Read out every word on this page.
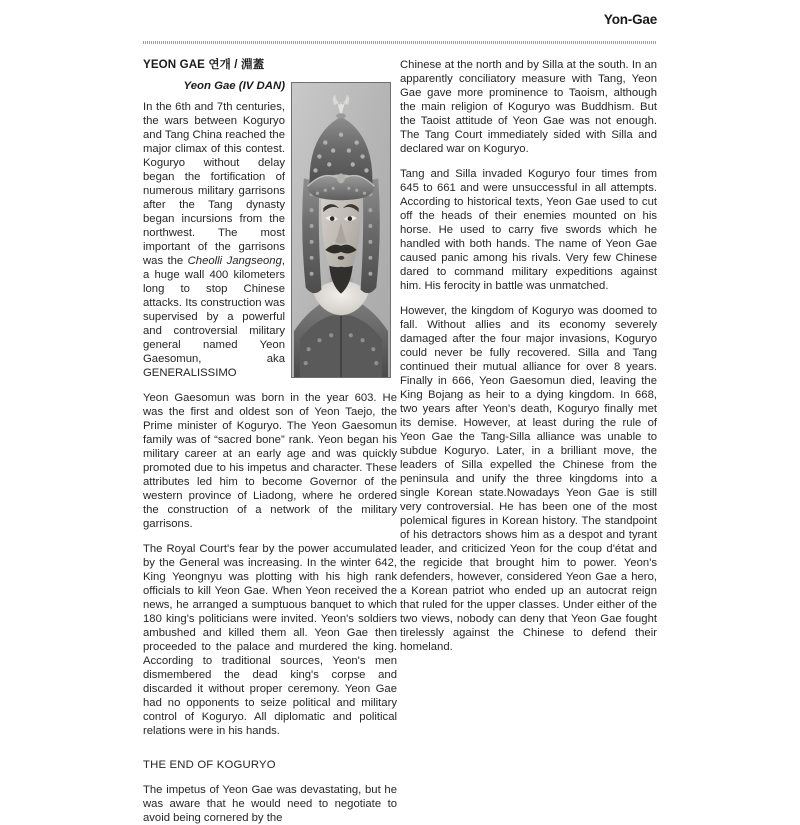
Yon-Gae
YEON GAE 연개 / 淵蓋
Yeon Gae (IV DAN)

In the 6th and 7th centuries, the wars between Koguryo and Tang China reached the major climax of this contest. Koguryo without delay began the fortification of numerous military garrisons after the Tang dynasty began incursions from the northwest. The most important of the garrisons was the Cheolli Jangseong, a huge wall 400 kilometers long to stop Chinese attacks. Its construction was supervised by a powerful and controversial military general named Yeon Gaesomun, aka GENERALISSIMO

Yeon Gaesomun was born in the year 603. He was the first and oldest son of Yeon Taejo, the Prime minister of Koguryo. The Yeon Gaesomun family was of “sacred bone” rank. Yeon began his military career at an early age and was quickly promoted due to his impetus and character. These attributes led him to become Governor of the western province of Liadong, where he ordered the construction of a network of the military garrisons.

The Royal Court's fear by the power accumulated by the General was increasing. In the winter 642, King Yeongnyu was plotting with his high rank officials to kill Yeon Gae. When Yeon received the news, he arranged a sumptuous banquet to which 180 king's politicians were invited. Yeon's soldiers ambushed and killed them all. Yeon Gae then proceeded to the palace and murdered the king. According to traditional sources, Yeon's men dismembered the dead king's corpse and discarded it without proper ceremony. Yeon Gae had no opponents to seize political and military control of Koguryo. All diplomatic and political relations were in his hands.

THE END OF KOGURYO

The impetus of Yeon Gae was devastating, but he was aware that he would need to negotiate to avoid being cornered by the

Chinese at the north and by Silla at the south. In an apparently conciliatory measure with Tang, Yeon Gae gave more prominence to Taoism, although the main religion of Koguryo was Buddhism. But the Taoist attitude of Yeon Gae was not enough. The Tang Court immediately sided with Silla and declared war on Koguryo.

Tang and Silla invaded Koguryo four times from 645 to 661 and were unsuccessful in all attempts. According to historical texts, Yeon Gae used to cut off the heads of their enemies mounted on his horse. He used to carry five swords which he handled with both hands. The name of Yeon Gae caused panic among his rivals. Very few Chinese dared to command military expeditions against him. His ferocity in battle was unmatched.

However, the kingdom of Koguryo was doomed to fall. Without allies and its economy severely damaged after the four major invasions, Koguryo could never be fully recovered. Silla and Tang continued their mutual alliance for over 8 years. Finally in 666, Yeon Gaesomun died, leaving the King Bojang as heir to a dying kingdom. In 668, two years after Yeon's death, Koguryo finally met its demise. However, at least during the rule of Yeon Gae the Tang-Silla alliance was unable to subdue Koguryo. Later, in a brilliant move, the leaders of Silla expelled the Chinese from the peninsula and unify the three kingdoms into a single Korean state.Nowadays Yeon Gae is still very controversial. He has been one of the most polemical figures in Korean history. The standpoint of his detractors shows him as a despot and tyrant leader, and criticized Yeon for the coup d'état and the regicide that brought him to power. Yeon's defenders, however, considered Yeon Gae a hero, a Korean patriot who ended up an autocrat reign that ruled for the upper classes. Under either of the two views, nobody can deny that Yeon Gae fought tirelessly against the Chinese to defend their homeland.
